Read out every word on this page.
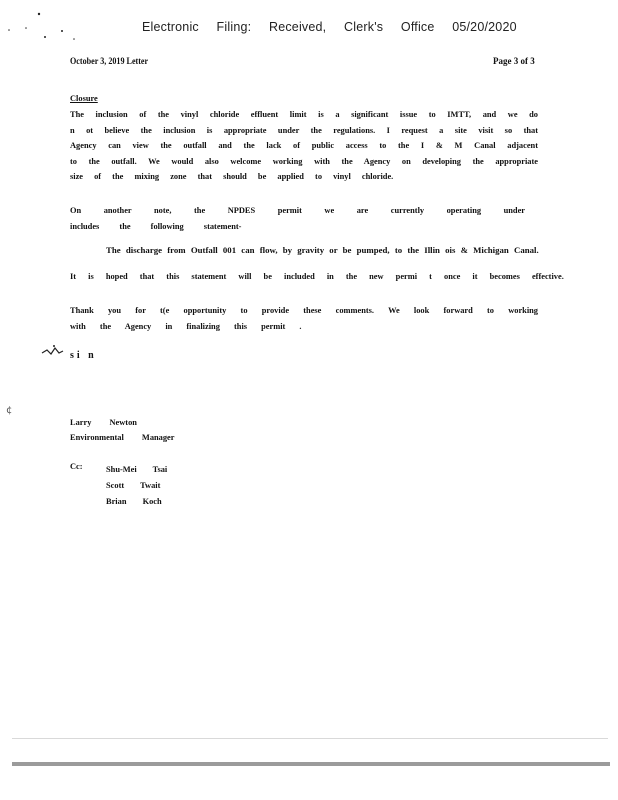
Electronic Filing: Received, Clerk's Office 05/20/2020
October 3, 2019 Letter	Page 3 of 3
Closure

The inclusion of the vinyl chloride effluent limit is a significant issue to IMTT, and we do n ot believe the inclusion is appropriate under the regulations. I request a site visit so that Agency can view the outfall and the lack of public access to the I & M Canal adjacent to the outfall. We would also welcome working with the Agency on developing the appropriate size of the mixing zone that should be applied to vinyl chloride.

On another note, the NPDES permit we are currently operating under includes the following statement-

The discharge from Outfall 001 can flow, by gravity or be pumped, to the Illin ois & Michigan Canal.
It is hoped that this statement will be included in the new permi t once it becomes effective.

Thank you for t(e opportunity to provide these comments. We look forward to working with the Agency in finalizing this permit .

si n
¢
Larry Newton
Environmental Manager
Cc:	Shu-Mei Tsai
Scott Twait
Brian Koch
